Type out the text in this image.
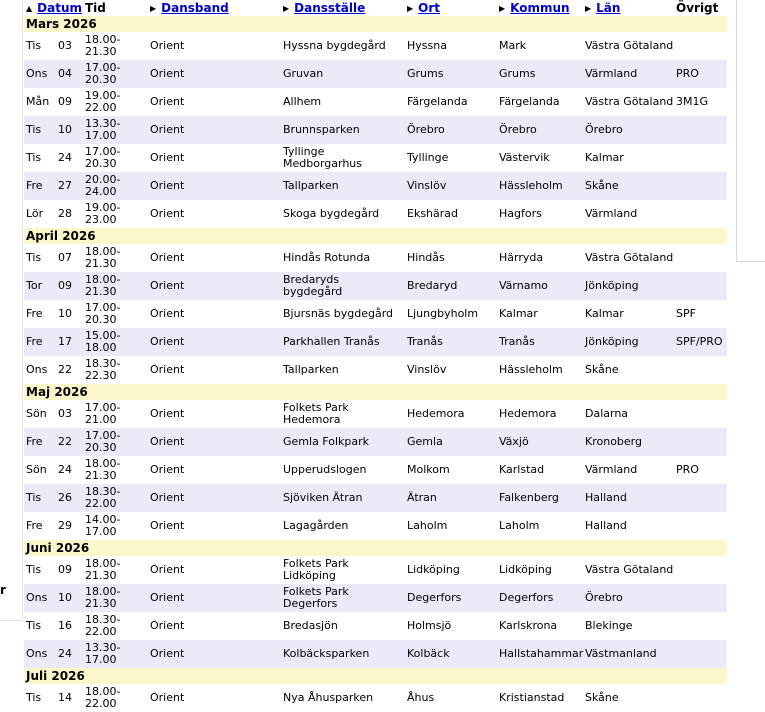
r
▲ Datum	Tid	▶ Dansband	▶ Dansställe	▶ Ort	▶ Kommun	▶ Län	Övrigt
Mars 2026							
Tis 03	18.00-21.30	Orient	Hyssna bygdegård	Hyssna	Mark	Västra Götaland	
Ons 04	17.00-20.30	Orient	Gruvan	Grums	Grums	Värmland	PRO
Mån 09	19.00-22.00	Orient	Allhem	Färgelanda	Färgelanda	Västra Götaland	3M1G
Tis 10	13.30-17.00	Orient	Brunnsparken	Örebro	Örebro	Örebro	
Tis 24	17.00-20.30	Orient	Tyllinge Medborgarhus	Tyllinge	Västervik	Kalmar	
Fre 27	20.00-24.00	Orient	Tallparken	Vinslöv	Hässleholm	Skåne	
Lör 28	19.00-23.00	Orient	Skoga bygdegård	Ekshärad	Hagfors	Värmland	
April 2026							
Tis 07	18.00-21.30	Orient	Hindås Rotunda	Hindås	Härryda	Västra Götaland	
Tor 09	18.00-21.30	Orient	Bredaryds bygdegård	Bredaryd	Värnamo	Jönköping	
Fre 10	17.00-20.30	Orient	Bjursnäs bygdegård	Ljungbyholm	Kalmar	Kalmar	SPF
Fre 17	15.00-18.00	Orient	Parkhallen Tranås	Tranås	Tranås	Jönköping	SPF/PRO
Ons 22	18.30-22.30	Orient	Tallparken	Vinslöv	Hässleholm	Skåne	
Maj 2026							
Sön 03	17.00-21.00	Orient	Folkets Park Hedemora	Hedemora	Hedemora	Dalarna	
Fre 22	17.00-20.30	Orient	Gemla Folkpark	Gemla	Växjö	Kronoberg	
Sön 24	18.00-21.30	Orient	Upperudslogen	Molkom	Karlstad	Värmland	PRO
Tis 26	18.30-22.00	Orient	Sjöviken Ätran	Ätran	Falkenberg	Halland	
Fre 29	14.00-17.00	Orient	Lagagården	Laholm	Laholm	Halland	
Juni 2026							
Tis 09	18.00-21.30	Orient	Folkets Park Lidköping	Lidköping	Lidköping	Västra Götaland	
Ons 10	18.00-21.30	Orient	Folkets Park Degerfors	Degerfors	Degerfors	Örebro	
Tis 16	18.30-22.00	Orient	Bredasjön	Holmsjö	Karlskrona	Blekinge	
Ons 24	13.30-17.00	Orient	Kolbäcksparken	Kolbäck	Hallstahammar	Västmanland	
Juli 2026							
Tis 14	18.00-22.00	Orient	Nya Åhusparken	Åhus	Kristianstad	Skåne	
